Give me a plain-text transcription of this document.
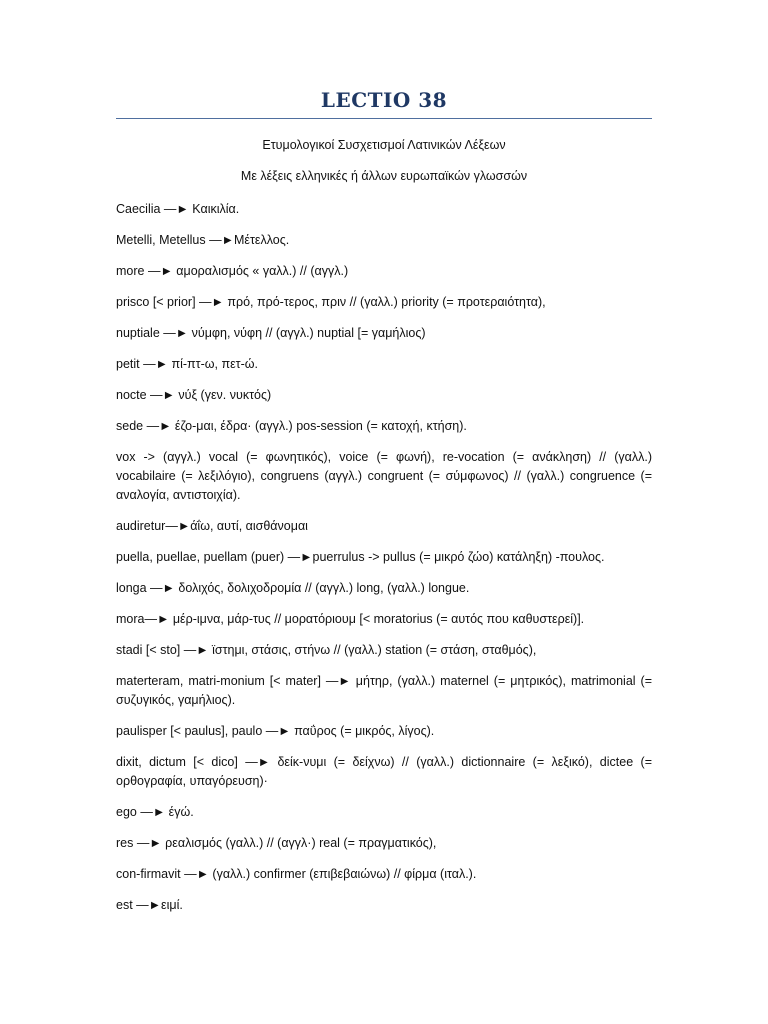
LECTIO 38

Ετυμολογικοί Συσχετισμοί Λατινικών Λέξεων

Με λέξεις ελληνικές ή άλλων ευρωπαϊκών γλωσσών

Caecilia —► Καικιλία.
Metelli, Metellus —►Μέτελλος.
more —► αμοραλισμός « γαλλ.) // (αγγλ.)
prisco [< prior] —► πρό, πρό-τερος, πριν // (γαλλ.) priority (= προτεραιότητα),
nuptiale —► νύμφη, νύφη // (αγγλ.) nuptial [= γαμήλιος)
petit —► πί-πτ-ω, πετ-ώ.
nocte —► νύξ (γεν. νυκτός)
sede —► έζο-μαι, έδρα· (αγγλ.) pos-session (= κατοχή, κτήση).
vox -> (αγγλ.) vocal (= φωνητικός), voice (= φωνή), re-vocation (= ανάκληση) // (γαλλ.) vocabilaire (= λεξιλόγιο), congruens (αγγλ.) congruent (= σύμφωνος) // (γαλλ.) congruence (= αναλογία, αντιστοιχία).
audiretur—►άΐω, αυτί, αισθάνομαι
puella, puellae, puellam (puer) —►puerrulus -> pullus (= μικρό ζώο) κατάληξη) -πουλος.
longa —► δολιχός, δολιχοδρομία // (αγγλ.) long, (γαλλ.) longue.
mora—► μέρ-ιμνα, μάρ-τυς // μορατόριουμ [< moratorius (= αυτός που καθυστερεί)].
stadi [< sto] —► ϊστημι, στάσις, στήνω // (γαλλ.) station (= στάση, σταθμός),
materteram, matri-monium [< mater] —► μήτηρ, (γαλλ.) maternel (= μητρικός), matrimonial (= συζυγικός, γαμήλιος).
paulisper [< paulus], paulo —► παΰρος (= μικρός, λίγος).
dixit, dictum [< dico] —► δείκ-νυμι (= δείχνω) // (γαλλ.) dictionnaire (= λεξικό), dictee (= ορθογραφία, υπαγόρευση)·
ego —► έγώ.
res —► ρεαλισμός (γαλλ.) // (αγγλ·) real (= πραγματικός),
con-firmavit —► (γαλλ.) confirmer (επιβεβαιώνω) // φίρμα (ιταλ.).
est —►ειμί.
